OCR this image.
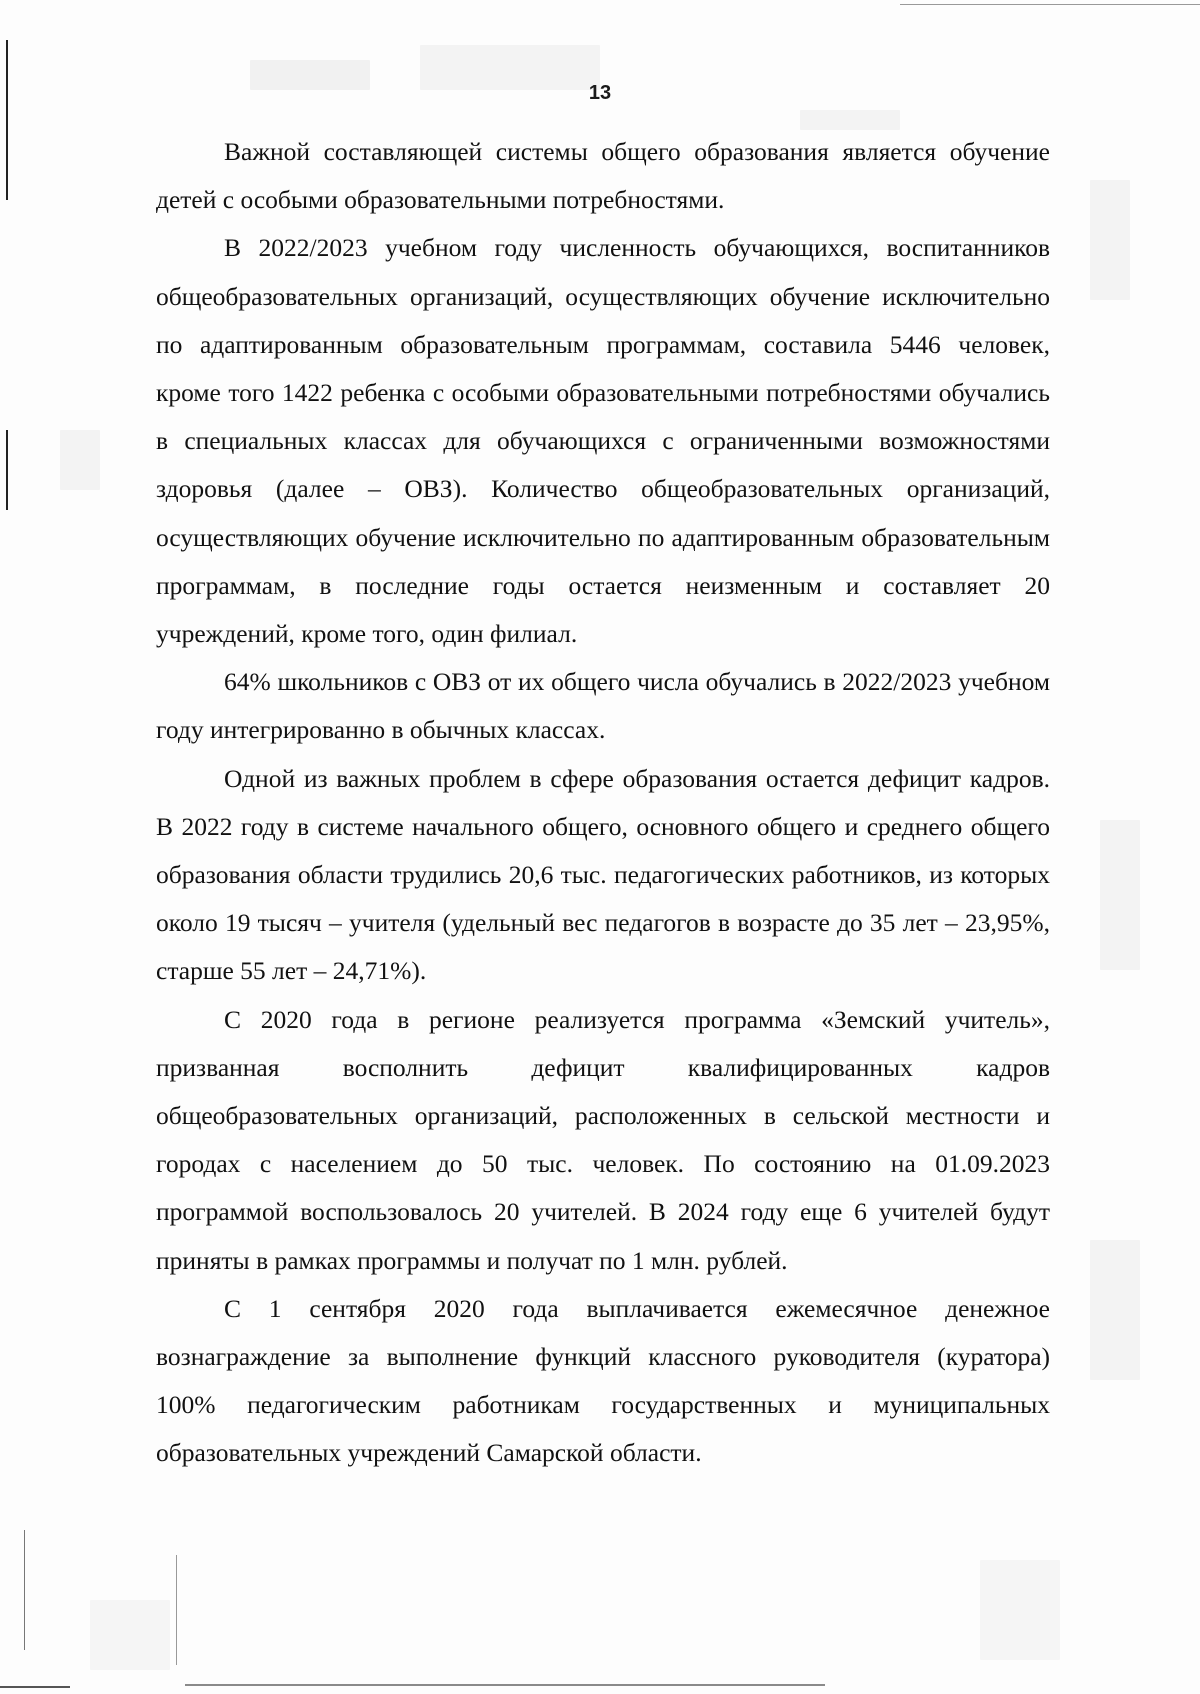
13

Важной составляющей системы общего образования является обучение детей с особыми образовательными потребностями.

В 2022/2023 учебном году численность обучающихся, воспитанников общеобразовательных организаций, осуществляющих обучение исключительно по адаптированным образовательным программам, составила 5446 человек, кроме того 1422 ребенка с особыми образовательными потребностями обучались в специальных классах для обучающихся с ограниченными возможностями здоровья (далее – ОВЗ). Количество общеобразовательных организаций, осуществляющих обучение исключительно по адаптированным образовательным программам, в последние годы остается неизменным и составляет 20 учреждений, кроме того, один филиал.

64% школьников с ОВЗ от их общего числа обучались в 2022/2023 учебном году интегрированно в обычных классах.

Одной из важных проблем в сфере образования остается дефицит кадров. В 2022 году в системе начального общего, основного общего и среднего общего образования области трудились 20,6 тыс. педагогических работников, из которых около 19 тысяч – учителя (удельный вес педагогов в возрасте до 35 лет – 23,95%, старше 55 лет – 24,71%).

С 2020 года в регионе реализуется программа «Земский учитель», призванная восполнить дефицит квалифицированных кадров общеобразовательных организаций, расположенных в сельской местности и городах с населением до 50 тыс. человек. По состоянию на 01.09.2023 программой воспользовалось 20 учителей. В 2024 году еще 6 учителей будут приняты в рамках программы и получат по 1 млн. рублей.

С 1 сентября 2020 года выплачивается ежемесячное денежное вознаграждение за выполнение функций классного руководителя (куратора) 100% педагогическим работникам государственных и муниципальных образовательных учреждений Самарской области.
